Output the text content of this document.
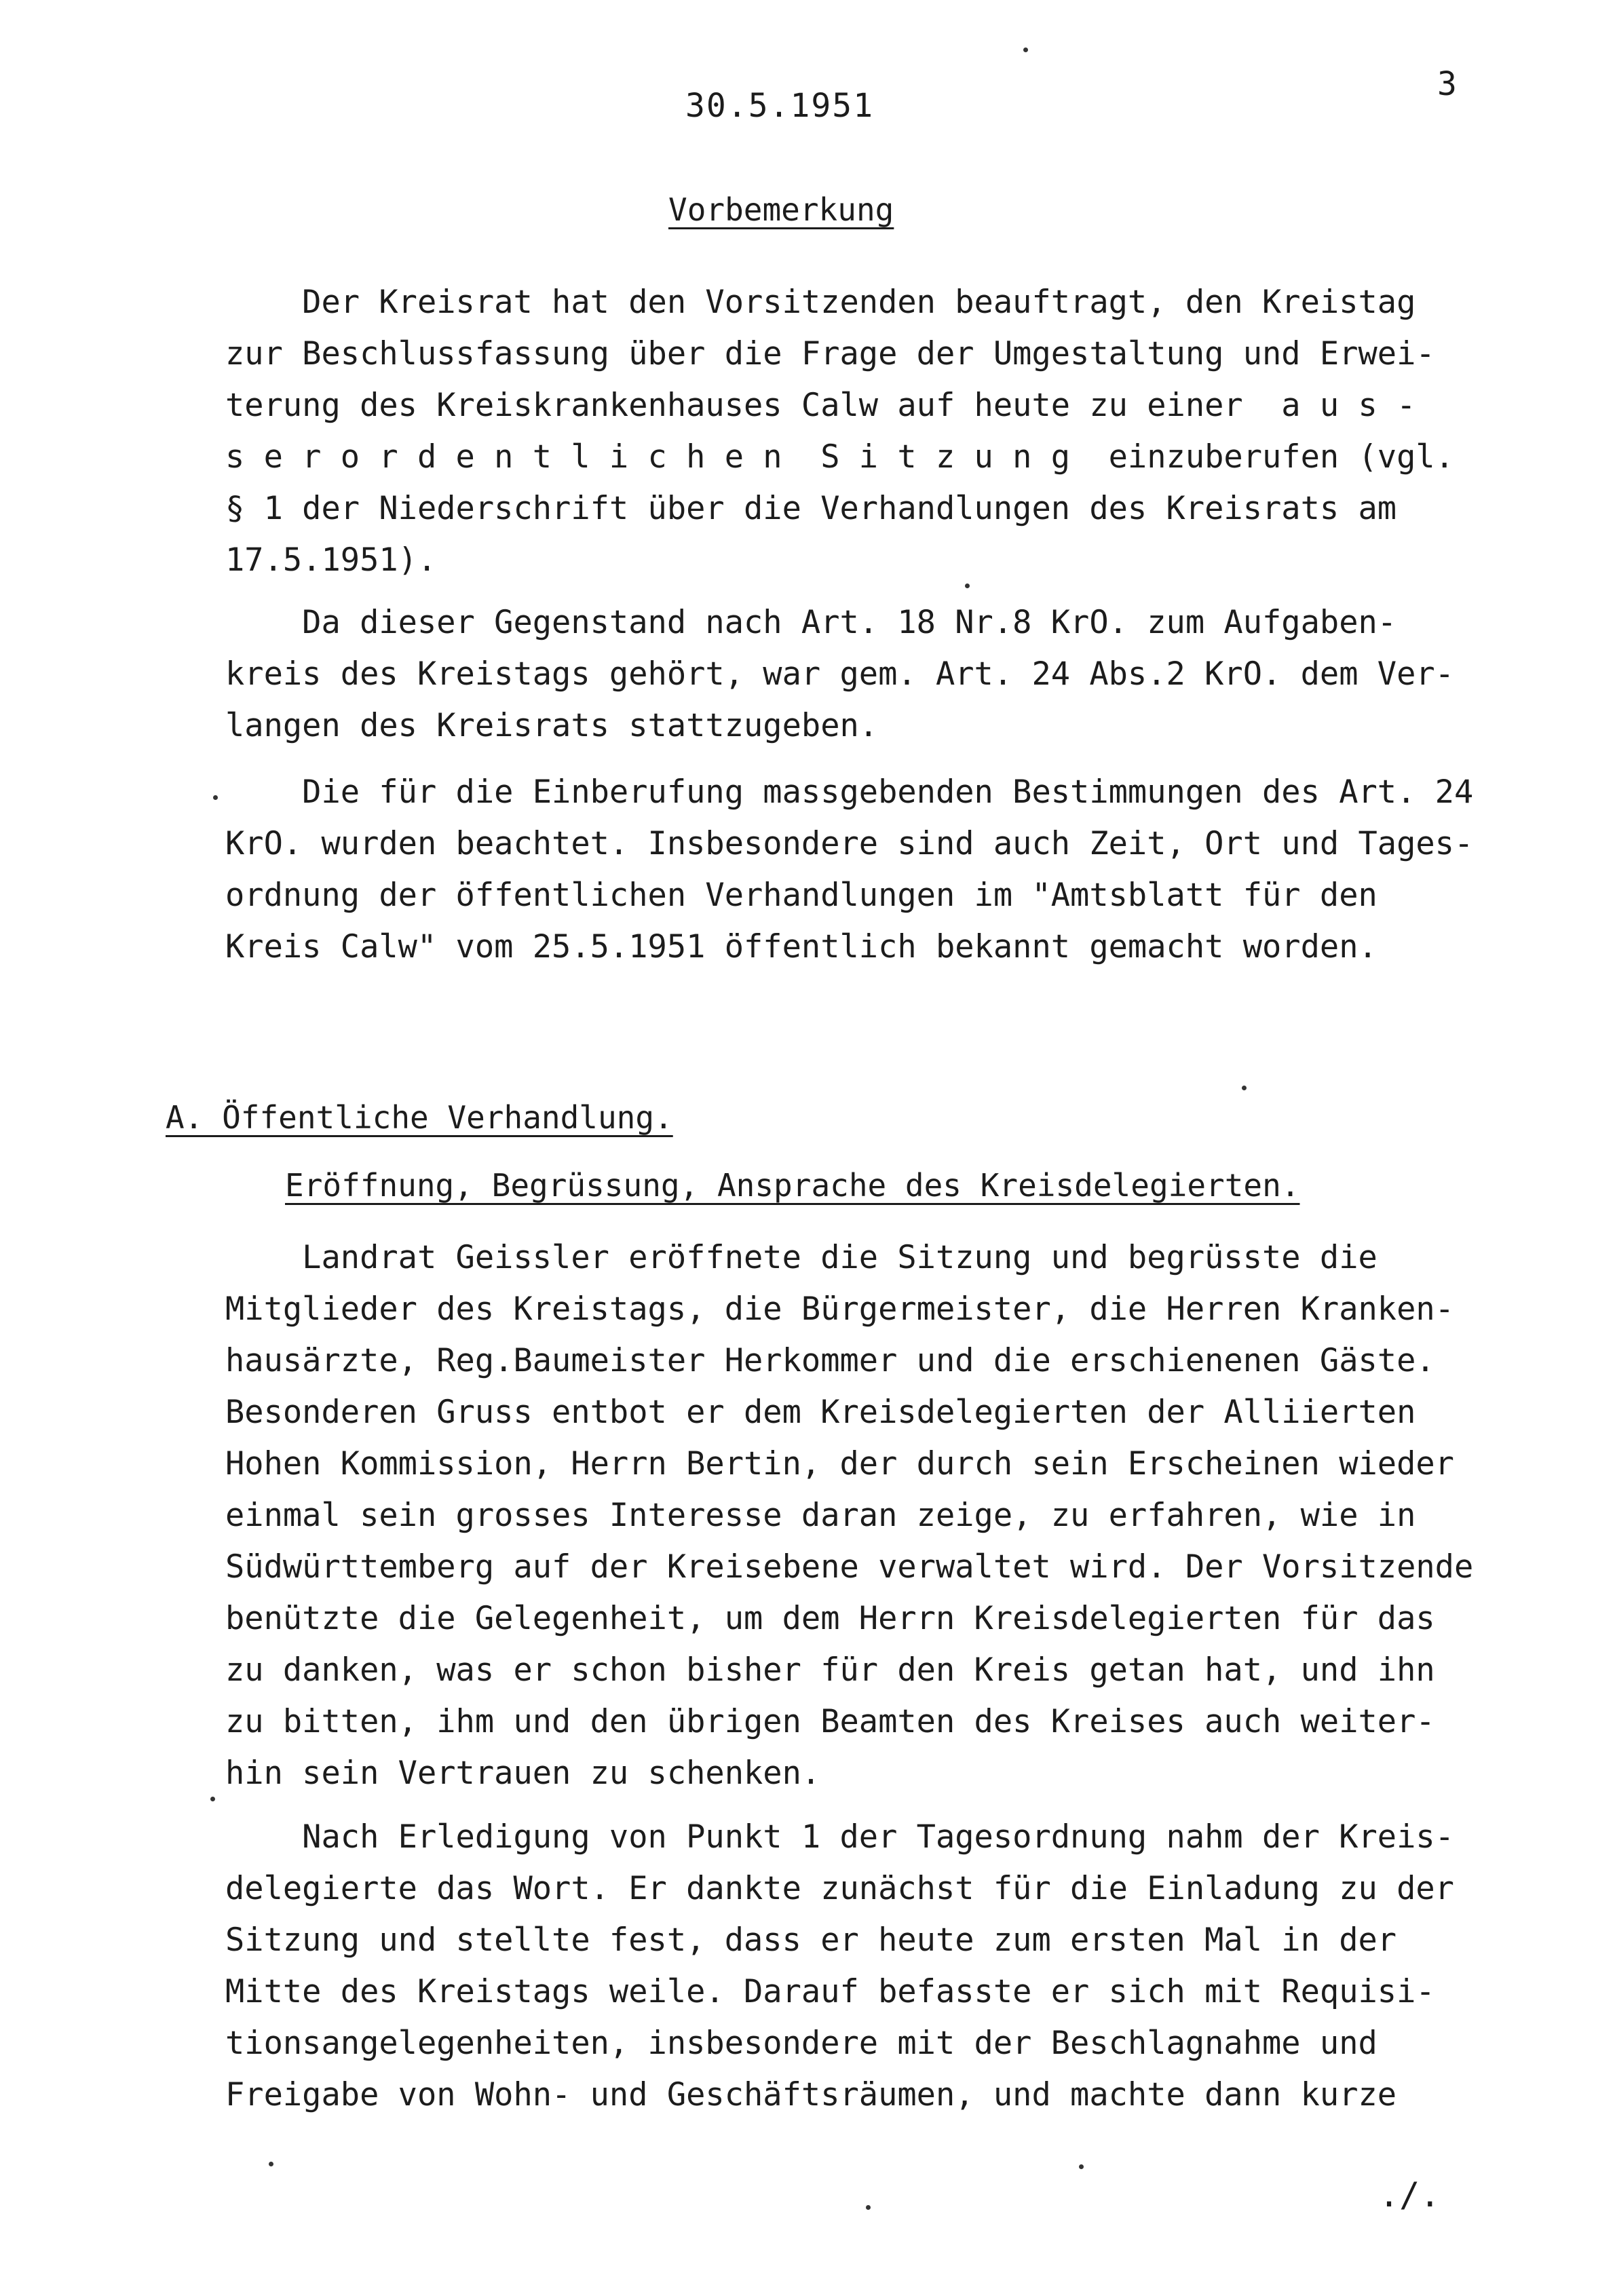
30.5.1951
3
Vorbemerkung
Der Kreisrat hat den Vorsitzenden beauftragt, den Kreistag
zur Beschlussfassung über die Frage der Umgestaltung und Erwei-
terung des Kreiskrankenhauses Calw auf heute zu einer  a u s -
s e r o r d e n t l i c h e n  S i t z u n g  einzuberufen (vgl.
§ 1 der Niederschrift über die Verhandlungen des Kreisrats am
17.5.1951).
Da dieser Gegenstand nach Art. 18 Nr.8 KrO. zum Aufgaben-
kreis des Kreistags gehört, war gem. Art. 24 Abs.2 KrO. dem Ver-
langen des Kreisrats stattzugeben.
Die für die Einberufung massgebenden Bestimmungen des Art. 24
KrO. wurden beachtet. Insbesondere sind auch Zeit, Ort und Tages-
ordnung der öffentlichen Verhandlungen im "Amtsblatt für den
Kreis Calw" vom 25.5.1951 öffentlich bekannt gemacht worden.
A. Öffentliche Verhandlung.
Eröffnung, Begrüssung, Ansprache des Kreisdelegierten.
Landrat Geissler eröffnete die Sitzung und begrüsste die
Mitglieder des Kreistags, die Bürgermeister, die Herren Kranken-
hausärzte, Reg.Baumeister Herkommer und die erschienenen Gäste.
Besonderen Gruss entbot er dem Kreisdelegierten der Alliierten
Hohen Kommission, Herrn Bertin, der durch sein Erscheinen wieder
einmal sein grosses Interesse daran zeige, zu erfahren, wie in
Südwürttemberg auf der Kreisebene verwaltet wird. Der Vorsitzende
benützte die Gelegenheit, um dem Herrn Kreisdelegierten für das
zu danken, was er schon bisher für den Kreis getan hat, und ihn
zu bitten, ihm und den übrigen Beamten des Kreises auch weiter-
hin sein Vertrauen zu schenken.
Nach Erledigung von Punkt 1 der Tagesordnung nahm der Kreis-
delegierte das Wort. Er dankte zunächst für die Einladung zu der
Sitzung und stellte fest, dass er heute zum ersten Mal in der
Mitte des Kreistags weile. Darauf befasste er sich mit Requisi-
tionsangelegenheiten, insbesondere mit der Beschlagnahme und
Freigabe von Wohn- und Geschäftsräumen, und machte dann kurze
./.
